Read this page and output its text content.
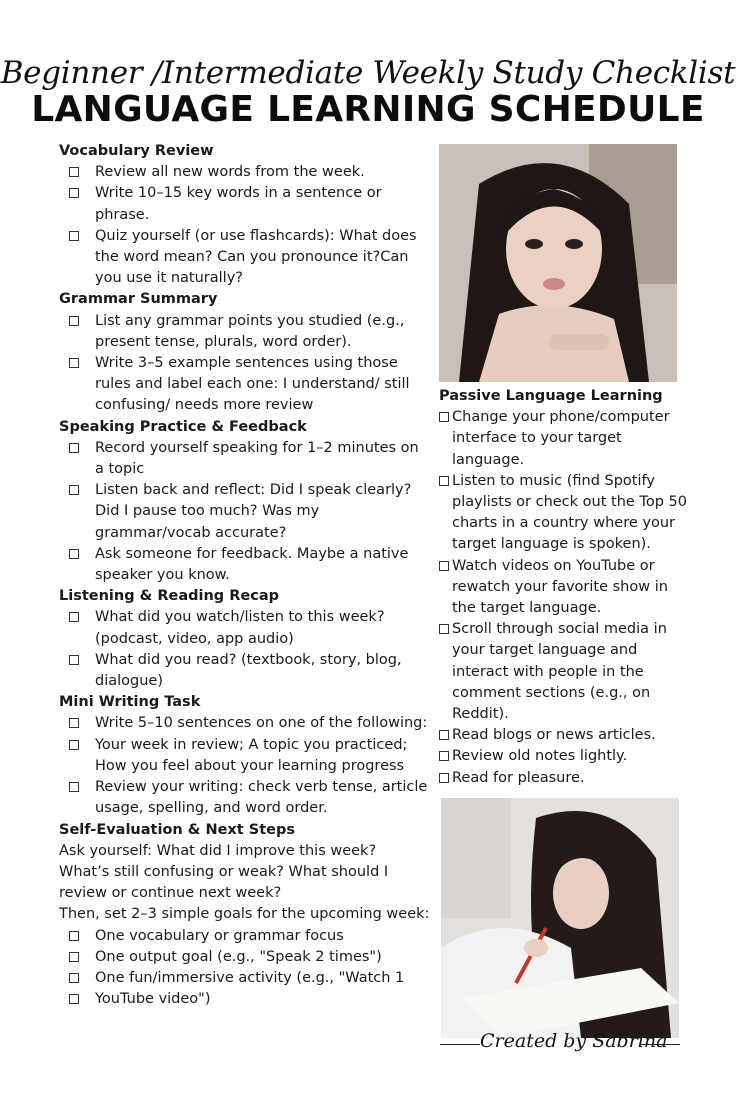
Beginner /Intermediate Weekly Study Checklist
LANGUAGE LEARNING SCHEDULE
Vocabulary Review
Review all new words from the week.
Write 10–15 key words in a sentence or phrase.
Quiz yourself (or use flashcards): What does the word mean? Can you pronounce it?Can you use it naturally?
Grammar Summary
List any grammar points you studied (e.g., present tense, plurals, word order).
Write 3–5 example sentences using those rules and label each one: I understand/ still confusing/ needs more review
Speaking Practice & Feedback
Record yourself speaking for 1–2 minutes on a topic
Listen back and reflect: Did I speak clearly? Did I pause too much? Was my grammar/vocab accurate?
Ask someone for feedback. Maybe a native speaker you know.
Listening & Reading Recap
What did you watch/listen to this week? (podcast, video, app audio)
What did you read? (textbook, story, blog, dialogue)
Mini Writing Task
Write 5–10 sentences on one of the following:
Your week in review; A topic you practiced; How you feel about your learning progress
Review your writing: check verb tense, article usage, spelling, and word order.
Self-Evaluation & Next Steps

Ask yourself: What did I improve this week? What’s still confusing or weak? What should I review or continue next week?

Then, set 2–3 simple goals for the upcoming week:

One vocabulary or grammar focus
One output goal (e.g., "Speak 2 times")
One fun/immersive activity (e.g., "Watch 1
YouTube video")
Passive Language Learning
Change your phone/computer interface to your target language.
Listen to music (find Spotify playlists or check out the Top 50 charts in a country where your target language is spoken).
Watch videos on YouTube or rewatch your favorite show in the target language.
Scroll through social media in your target language and interact with people in the comment sections (e.g., on Reddit).
Read blogs or news articles.
Review old notes lightly.
Read for pleasure.
Created by Sabrina
